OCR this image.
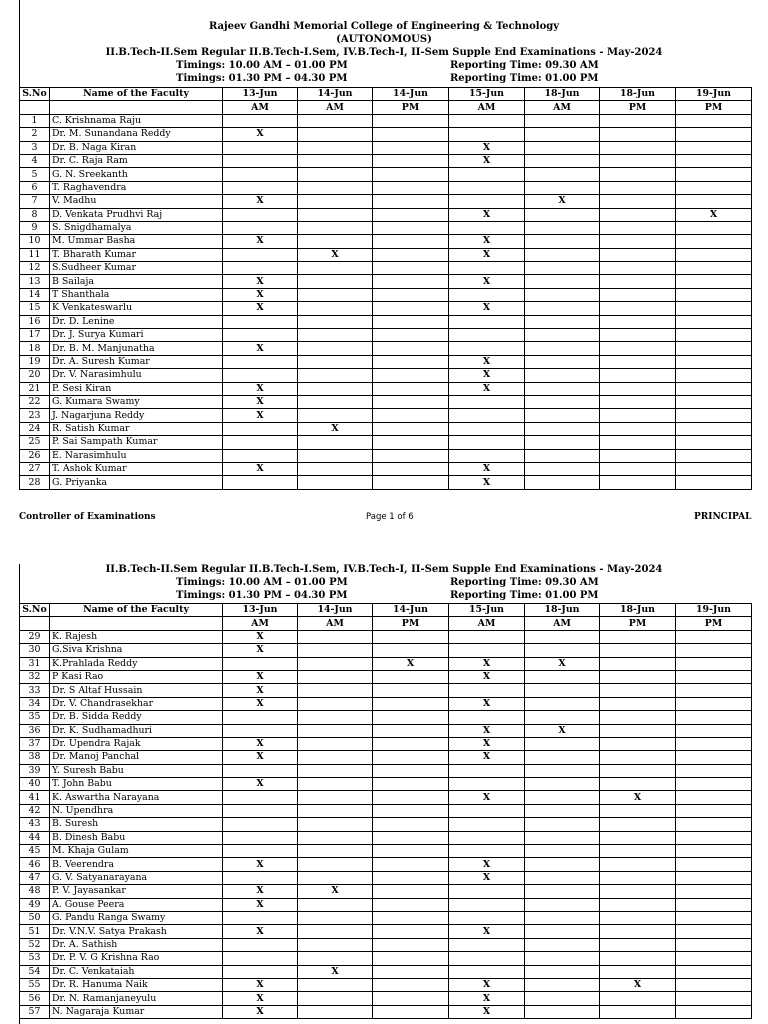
Rajeev Gandhi Memorial College of Engineering & Technology
(AUTONOMOUS)
II.B.Tech-II.Sem Regular II.B.Tech-I.Sem, IV.B.Tech-I, II-Sem Supple End Examinations - May-2024
Timings: 10.00 AM – 01.00 PM	Reporting Time: 09.30 AM
Timings: 01.30 PM – 04.30 PM	Reporting Time: 01.00 PM
S.No	Name of the Faculty	13-Jun	14-Jun	14-Jun	15-Jun	18-Jun	18-Jun	19-Jun
		AM	AM	PM	AM	AM	PM	PM
1	C. Krishnama Raju							
2	Dr. M. Sunandana Reddy	X						
3	Dr. B. Naga Kiran				X			
4	Dr. C. Raja Ram				X			
5	G. N. Sreekanth							
6	T. Raghavendra							
7	V. Madhu	X				X		
8	D. Venkata Prudhvi Raj				X			X
9	S. Snigdhamalya							
10	M. Ummar Basha	X			X			
11	T. Bharath Kumar		X		X			
12	S.Sudheer Kumar							
13	B Sailaja	X			X			
14	T Shanthala	X						
15	K Venkateswarlu	X			X			
16	Dr. D. Lenine							
17	Dr. J. Surya Kumari							
18	Dr. B. M. Manjunatha	X						
19	Dr. A. Suresh Kumar				X			
20	Dr. V. Narasimhulu				X			
21	P. Sesi Kiran	X			X			
22	G. Kumara Swamy	X						
23	J. Nagarjuna Reddy	X						
24	R. Satish Kumar		X					
25	P. Sai Sampath Kumar							
26	E. Narasimhulu							
27	T. Ashok Kumar	X			X			
28	G. Priyanka				X			
Controller of Examinations	Page 1 of 6	PRINCIPAL
II.B.Tech-II.Sem Regular II.B.Tech-I.Sem, IV.B.Tech-I, II-Sem Supple End Examinations - May-2024
Timings: 10.00 AM – 01.00 PM	Reporting Time: 09.30 AM
Timings: 01.30 PM – 04.30 PM	Reporting Time: 01.00 PM
S.No	Name of the Faculty	13-Jun	14-Jun	14-Jun	15-Jun	18-Jun	18-Jun	19-Jun
		AM	AM	PM	AM	AM	PM	PM
29	K. Rajesh	X						
30	G.Siva Krishna	X						
31	K.Prahlada Reddy			X	X	X		
32	P Kasi Rao	X			X			
33	Dr. S Altaf Hussain	X						
34	Dr. V. Chandrasekhar	X			X			
35	Dr. B. Sidda Reddy							
36	Dr. K. Sudhamadhuri				X	X		
37	Dr. Upendra Rajak	X			X			
38	Dr. Manoj Panchal	X			X			
39	Y. Suresh Babu							
40	T. John Babu	X						
41	K. Aswartha Narayana				X		X	
42	N. Upendhra							
43	B. Suresh							
44	B. Dinesh Babu							
45	M. Khaja Gulam							
46	B. Veerendra	X			X			
47	G. V. Satyanarayana				X			
48	P. V. Jayasankar	X	X					
49	A. Gouse Peera	X						
50	G. Pandu Ranga Swamy							
51	Dr. V.N.V. Satya Prakash	X			X			
52	Dr. A. Sathish							
53	Dr. P. V. G Krishna Rao							
54	Dr. C. Venkataiah		X					
55	Dr. R. Hanuma Naik	X			X		X	
56	Dr. N. Ramanjaneyulu	X			X			
57	N. Nagaraja Kumar	X			X			
